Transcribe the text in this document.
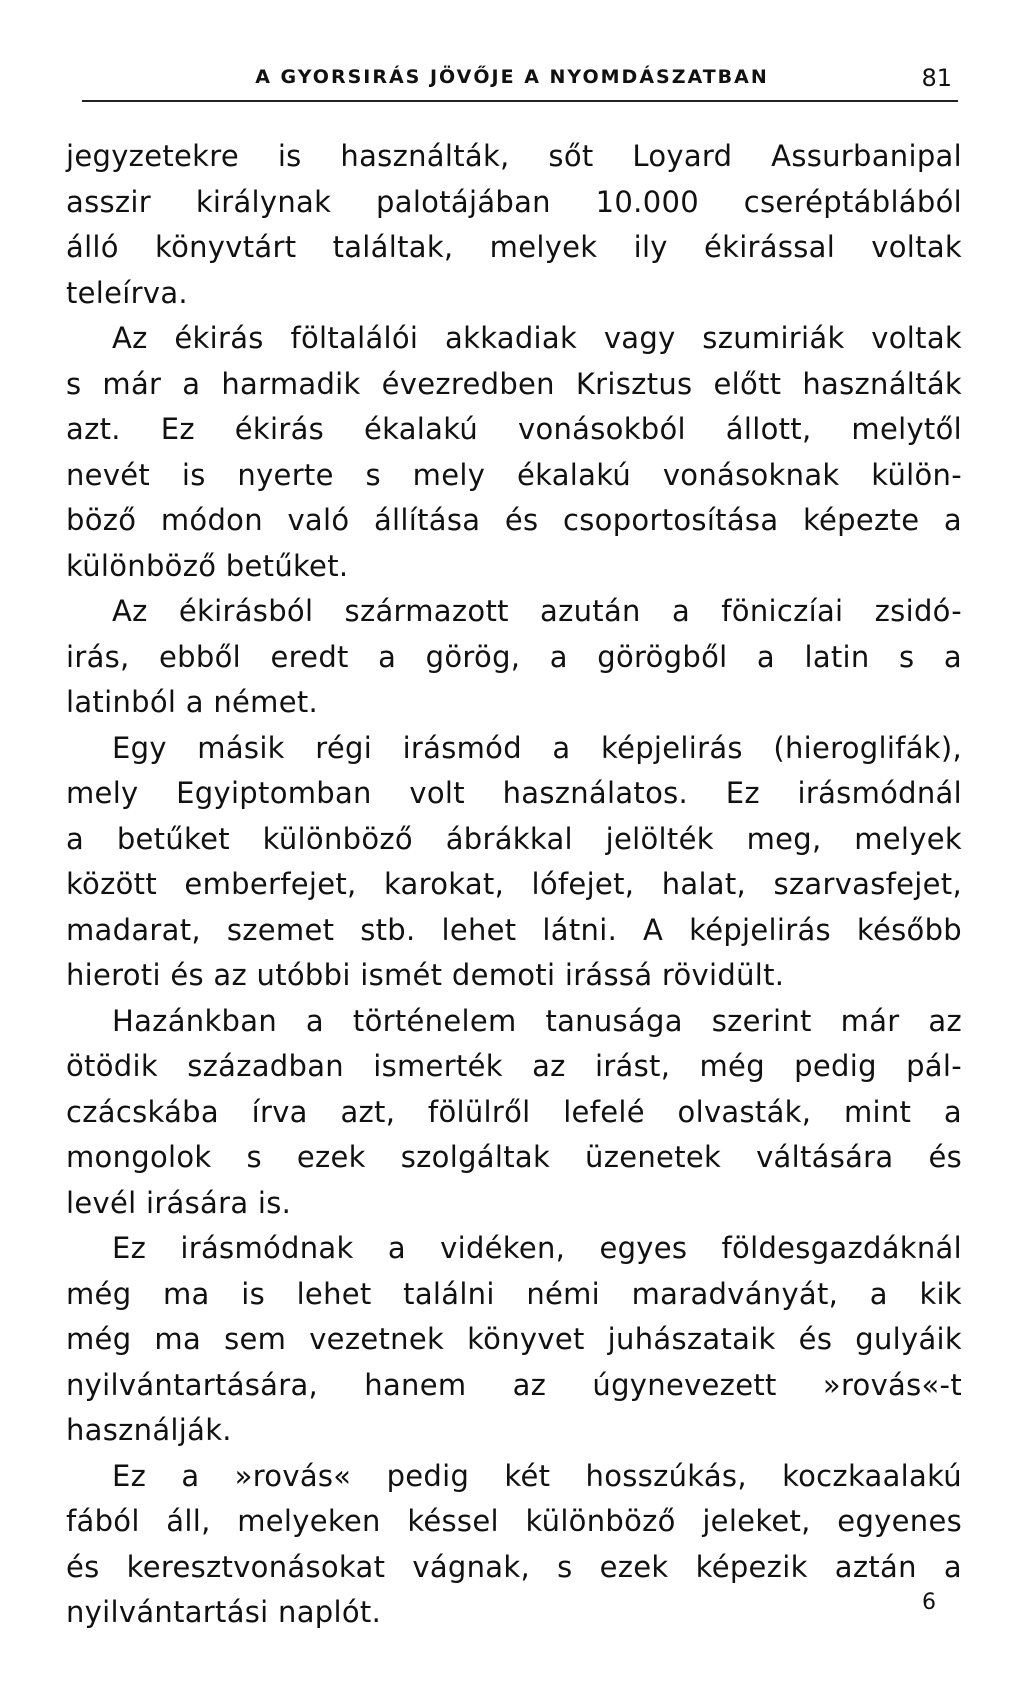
A GYORSIRÁS JÖVŐJE A NYOMDÁSZATBAN	81
jegyzetekre is használták, sőt Loyard Assurbanipal
asszir királynak palotájában 10.000 cseréptáblából
álló könyvtárt találtak, melyek ily ékirással voltak
teleírva.
Az ékirás föltalálói akkadiak vagy szumiriák voltak
s már a harmadik évezredben Krisztus előtt használták
azt. Ez ékirás ékalakú vonásokból állott, melytől
nevét is nyerte s mely ékalakú vonásoknak külön-
böző módon való állítása és csoportosítása képezte a
különböző betűket.
Az ékirásból származott azután a föniczíai zsidó-
irás, ebből eredt a görög, a görögből a latin s a
latinból a német.
Egy másik régi irásmód a képjelirás (hieroglifák),
mely Egyiptomban volt használatos. Ez irásmódnál
a betűket különböző ábrákkal jelölték meg, melyek
között emberfejet, karokat, lófejet, halat, szarvasfejet,
madarat, szemet stb. lehet látni. A képjelirás később
hieroti és az utóbbi ismét demoti irássá rövidült.
Hazánkban a történelem tanusága szerint már az
ötödik században ismerték az irást, még pedig pál-
czácskába írva azt, fölülről lefelé olvasták, mint a
mongolok s ezek szolgáltak üzenetek váltására és
levél irására is.
Ez irásmódnak a vidéken, egyes földesgazdáknál
még ma is lehet találni némi maradványát, a kik
még ma sem vezetnek könyvet juhászataik és gulyáik
nyilvántartására, hanem az úgynevezett »rovás«-t
használják.
Ez a »rovás« pedig két hosszúkás, koczkaalakú
fából áll, melyeken késsel különböző jeleket, egyenes
és keresztvonásokat vágnak, s ezek képezik aztán a
nyilvántartási naplót.	6
